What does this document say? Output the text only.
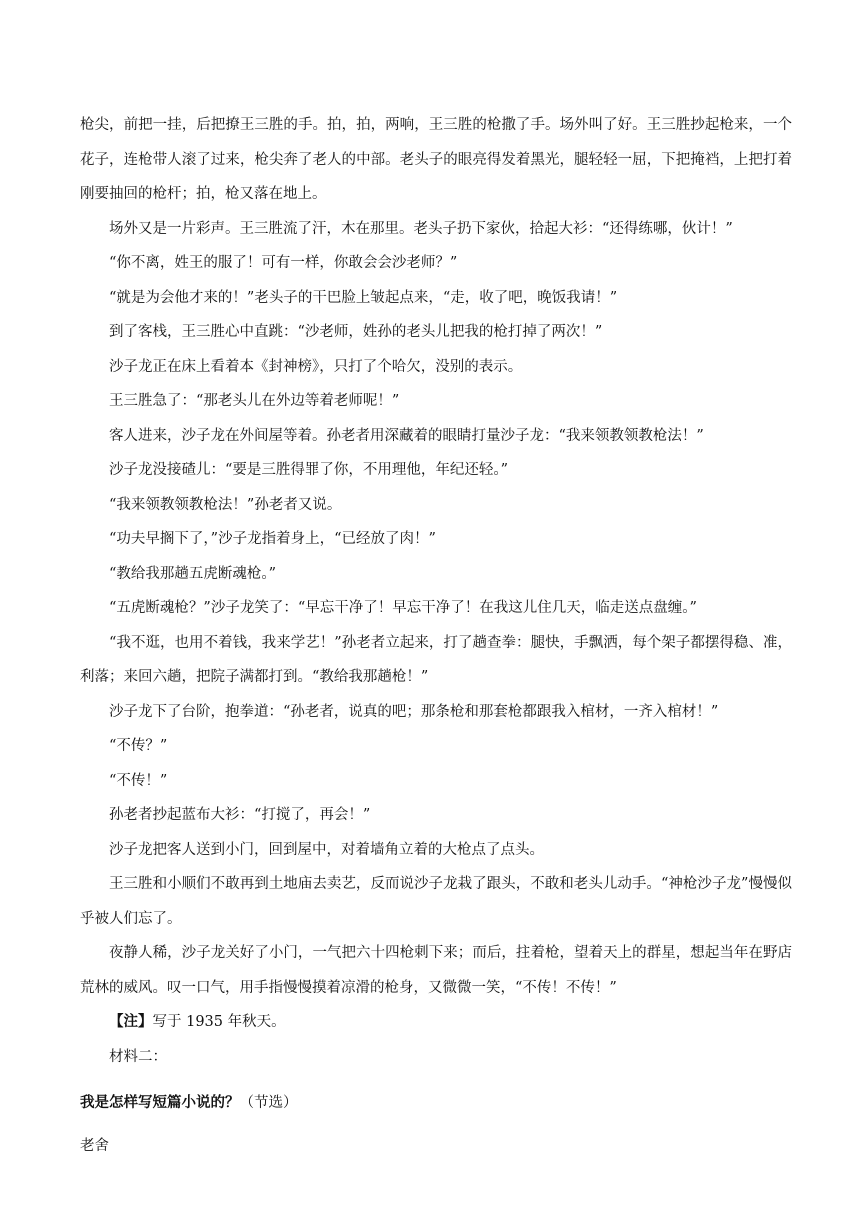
枪尖，前把一挂，后把撩王三胜的手。拍，拍，两响，王三胜的枪撒了手。场外叫了好。王三胜抄起枪来，一个花子，连枪带人滚了过来，枪尖奔了老人的中部。老头子的眼亮得发着黑光，腿轻轻一屈，下把掩裆，上把打着刚要抽回的枪杆；拍，枪又落在地上。

场外又是一片彩声。王三胜流了汗，木在那里。老头子扔下家伙，拾起大衫：“还得练哪，伙计！”

“你不离，姓王的服了！可有一样，你敢会会沙老师？”

“就是为会他才来的！”老头子的干巴脸上皱起点来，“走，收了吧，晚饭我请！”

到了客栈，王三胜心中直跳：“沙老师，姓孙的老头儿把我的枪打掉了两次！”

沙子龙正在床上看着本《封神榜》，只打了个哈欠，没别的表示。

王三胜急了：“那老头儿在外边等着老师呢！”

客人进来，沙子龙在外间屋等着。孙老者用深藏着的眼睛打量沙子龙：“我来领教领教枪法！”

沙子龙没接碴儿：“要是三胜得罪了你，不用理他，年纪还轻。”

“我来领教领教枪法！”孙老者又说。

“功夫早搁下了，”沙子龙指着身上，“已经放了肉！”

“教给我那趟五虎断魂枪。”

“五虎断魂枪？”沙子龙笑了：“早忘干净了！早忘干净了！在我这儿住几天，临走送点盘缠。”

“我不逛，也用不着钱，我来学艺！”孙老者立起来，打了趟查拳：腿快，手飘洒，每个架子都摆得稳、准，利落；来回六趟，把院子满都打到。“教给我那趟枪！”

沙子龙下了台阶，抱拳道：“孙老者，说真的吧；那条枪和那套枪都跟我入棺材，一齐入棺材！”

“不传？”

“不传！”

孙老者抄起蓝布大衫：“打搅了，再会！”

沙子龙把客人送到小门，回到屋中，对着墙角立着的大枪点了点头。

王三胜和小顺们不敢再到土地庙去卖艺，反而说沙子龙栽了跟头，不敢和老头儿动手。“神枪沙子龙”慢慢似乎被人们忘了。

夜静人稀，沙子龙关好了小门，一气把六十四枪刺下来；而后，拄着枪，望着天上的群星，想起当年在野店荒林的威风。叹一口气，用手指慢慢摸着凉滑的枪身，又微微一笑，“不传！不传！”

【注】写于 1935 年秋天。

材料二：

我是怎样写短篇小说的？（节选）

老舍
